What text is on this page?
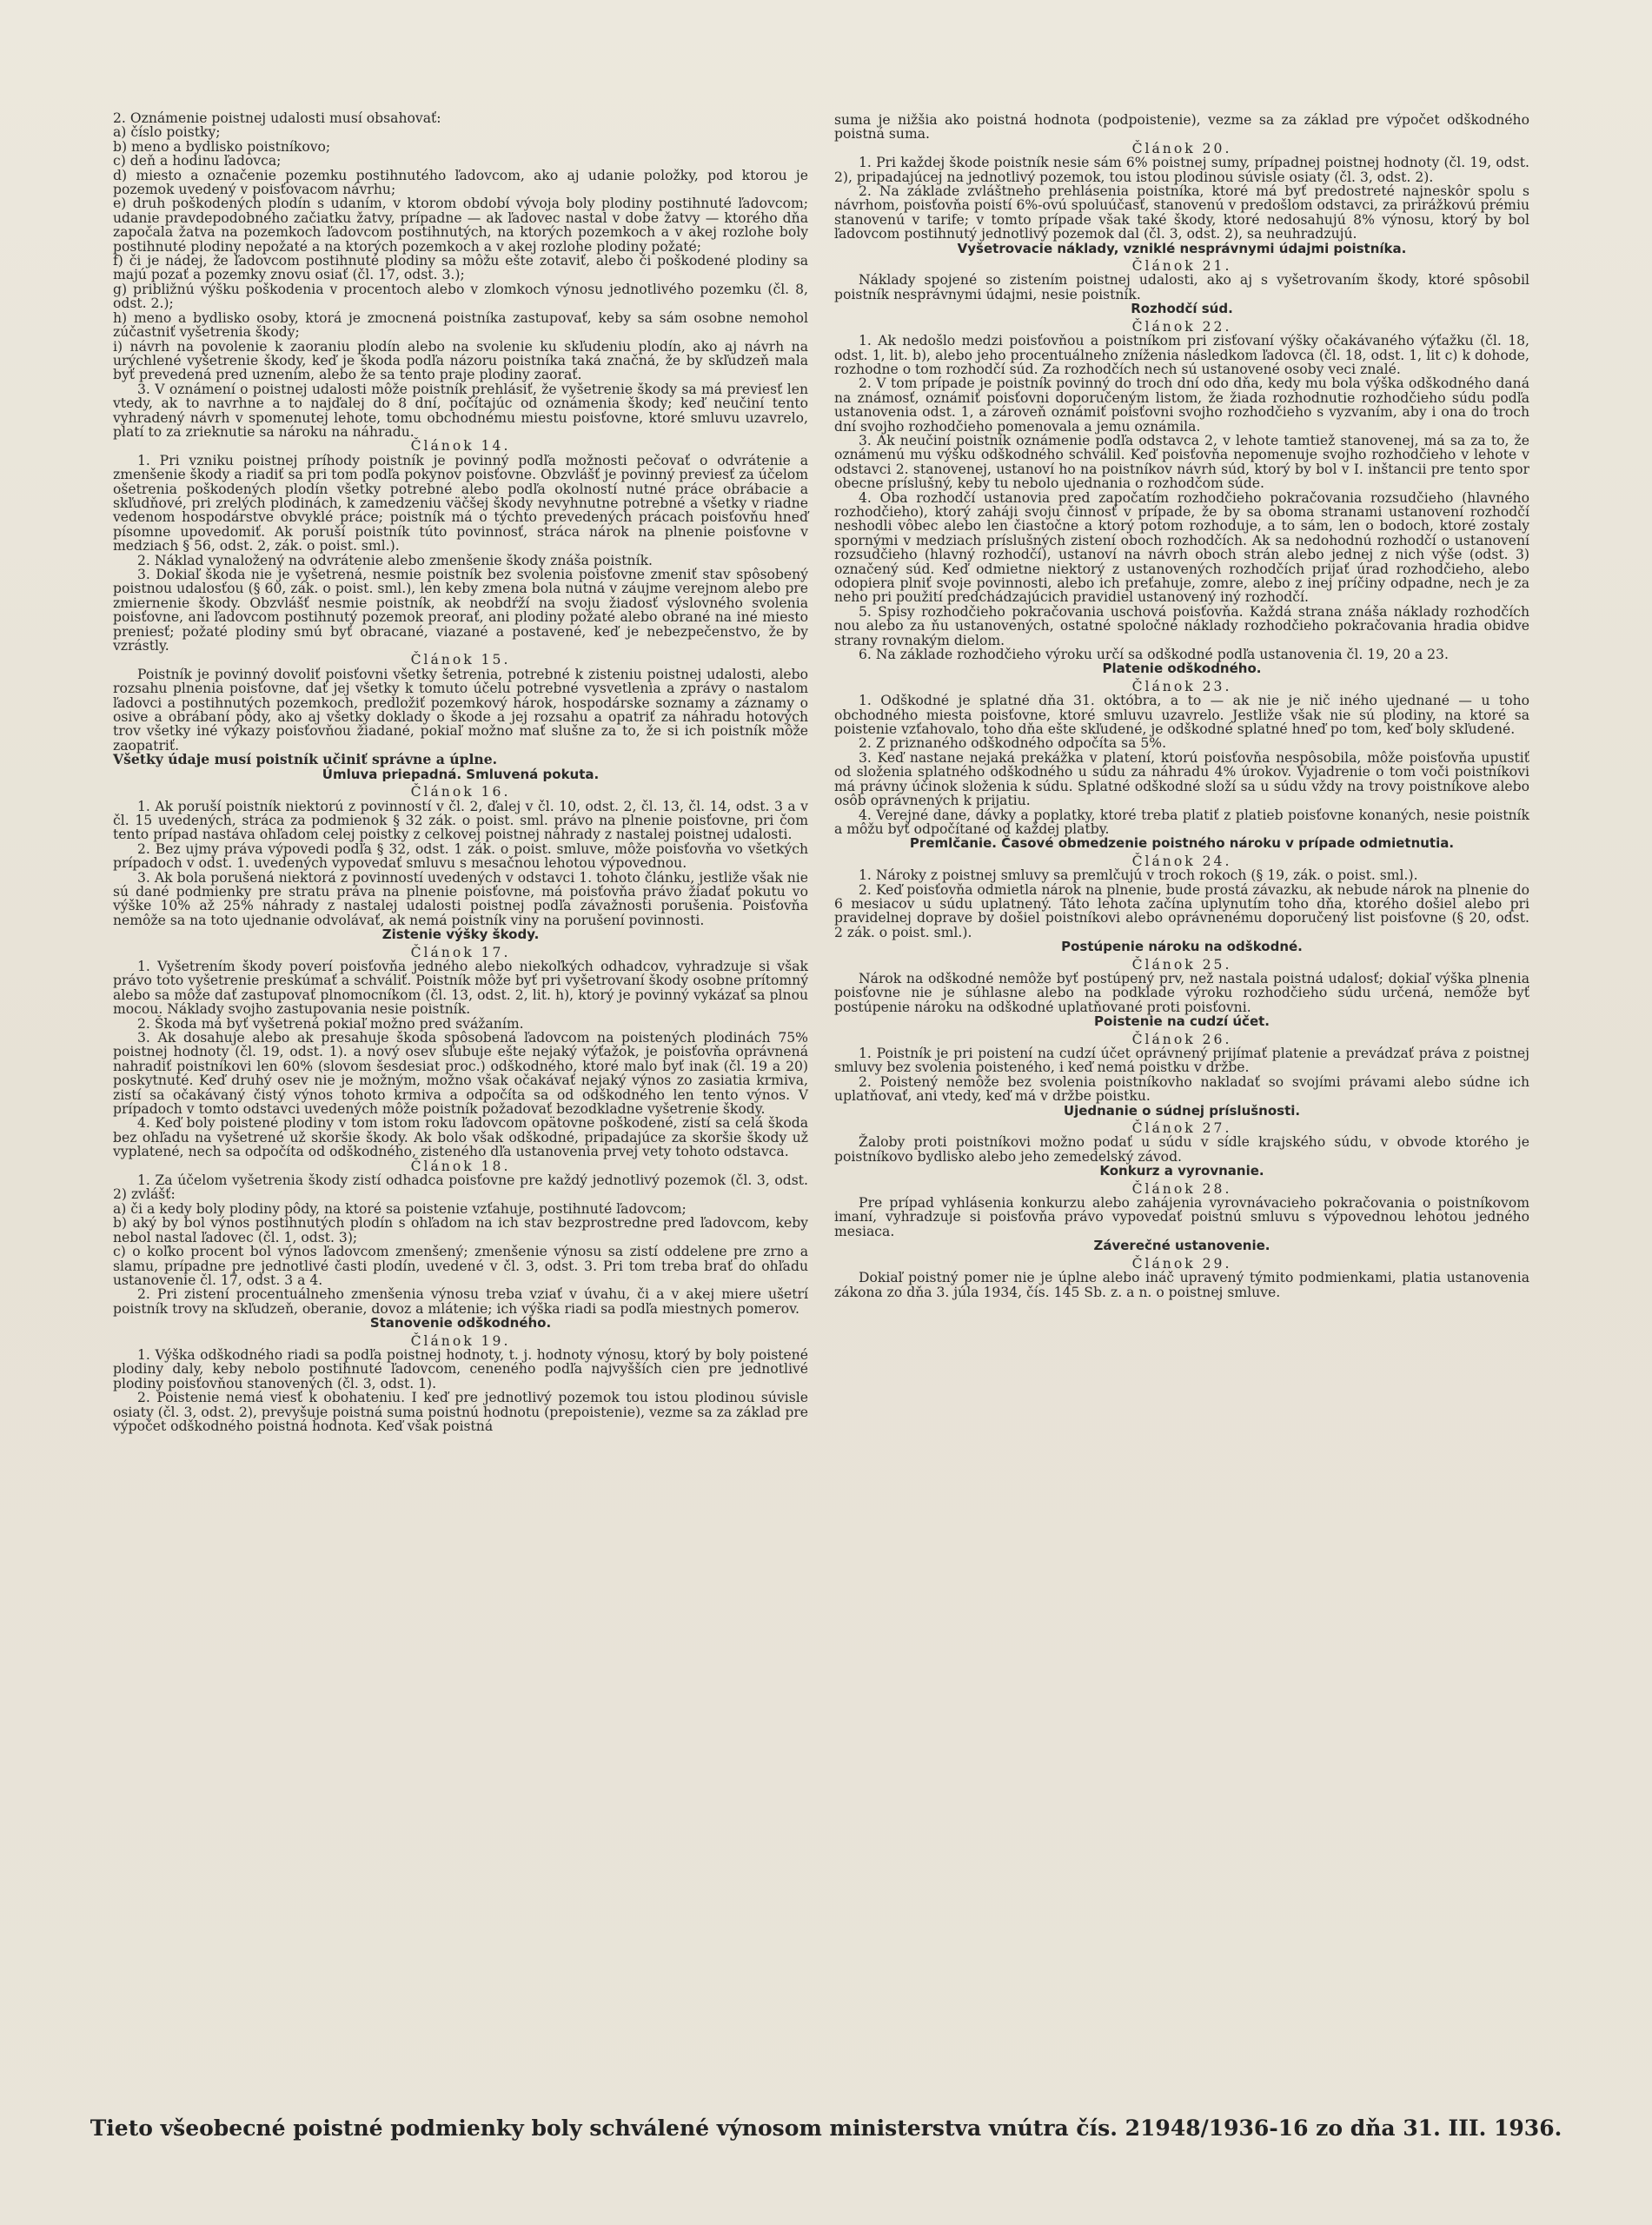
2. Oznámenie poistnej udalosti musí obsahovať:

a) číslo poistky;

b) meno a bydlisko poistníkovo;

c) deň a hodinu ľadovca;

d) miesto a označenie pozemku postihnutého ľadovcom, ako aj udanie položky, pod ktorou je pozemok uvedený v poisťovacom návrhu;

e) druh poškodených plodín s udaním, v ktorom období vývoja boly plodiny postihnuté ľadovcom; udanie pravdepodobného začiatku žatvy, prípadne — ak ľadovec nastal v dobe žatvy — ktorého dňa započala žatva na pozemkoch ľadovcom postihnutých, na ktorých pozemkoch a v akej rozlohe boly postihnuté plodiny nepožaté a na ktorých pozemkoch a v akej rozlohe plodiny požaté;

f) či je nádej, že ľadovcom postihnuté plodiny sa môžu ešte zotaviť, alebo či poškodené plodiny sa majú pozať a pozemky znovu osiať (čl. 17, odst. 3.);

g) približnú výšku poškodenia v procentoch alebo v zlomkoch výnosu jednotlivého pozemku (čl. 8, odst. 2.);

h) meno a bydlisko osoby, ktorá je zmocnená poistníka zastupovať, keby sa sám osobne nemohol zúčastniť vyšetrenia škody;

i) návrh na povolenie k zaoraniu plodín alebo na svolenie ku skľudeniu plodín, ako aj návrh na urýchlené vyšetrenie škody, keď je škoda podľa názoru poistníka taká značná, že by skľudzeň mala byť prevedená pred uznením, alebo že sa tento praje plodiny zaorať.

3. V oznámení o poistnej udalosti môže poistník prehlásiť, že vyšetrenie škody sa má previesť len vtedy, ak to navrhne a to najďalej do 8 dní, počítajúc od oznámenia škody; keď neučiní tento vyhradený návrh v spomenutej lehote, tomu obchodnému miestu poisťovne, ktoré smluvu uzavrelo, platí to za zrieknutie sa nároku na náhradu.

Článok 14.

1. Pri vzniku poistnej príhody poistník je povinný podľa možnosti pečovať o odvrátenie a zmenšenie škody a riadiť sa pri tom podľa pokynov poisťovne. Obzvlášť je povinný previesť za účelom ošetrenia poškodených plodín všetky potrebné alebo podľa okolností nutné práce obrábacie a skľudňové, pri zrelých plodinách, k zamedzeniu väčšej škody nevyhnutne potrebné a všetky v riadne vedenom hospodárstve obvyklé práce; poistník má o týchto prevedených prácach poisťovňu hneď písomne upovedomiť. Ak poruší poistník túto povinnosť, stráca nárok na plnenie poisťovne v medziach § 56, odst. 2, zák. o poist. sml.).

2. Náklad vynaložený na odvrátenie alebo zmenšenie škody znáša poistník.

3. Dokiaľ škoda nie je vyšetrená, nesmie poistník bez svolenia poisťovne zmeniť stav spôsobený poistnou udalosťou (§ 60, zák. o poist. sml.), len keby zmena bola nutná v záujme verejnom alebo pre zmiernenie škody. Obzvlášť nesmie poistník, ak neobdŕží na svoju žiadosť výslovného svolenia poisťovne, ani ľadovcom postihnutý pozemok preorať, ani plodiny požaté alebo obrané na iné miesto preniesť; požaté plodiny smú byť obracané, viazané a postavené, keď je nebezpečenstvo, že by vzrástly.

Článok 15.

Poistník je povinný dovoliť poisťovni všetky šetrenia, potrebné k zisteniu poistnej udalosti, alebo rozsahu plnenia poisťovne, dať jej všetky k tomuto účelu potrebné vysvetlenia a zprávy o nastalom ľadovci a postihnutých pozemkoch, predložiť pozemkový hárok, hospodárske soznamy a záznamy o osive a obrábaní pôdy, ako aj všetky doklady o škode a jej rozsahu a opatriť za náhradu hotových trov všetky iné výkazy poisťovňou žiadané, pokiaľ možno mať slušne za to, že si ich poistník môže zaopatriť.

Všetky údaje musí poistník učiniť správne a úplne.

Úmluva priepadná. Smluvená pokuta.

Článok 16.

1. Ak poruší poistník niektorú z povinností v čl. 2, ďalej v čl. 10, odst. 2, čl. 13, čl. 14, odst. 3 a v čl. 15 uvedených, stráca za podmienok § 32 zák. o poist. sml. právo na plnenie poisťovne, pri čom tento prípad nastáva ohľadom celej poistky z celkovej poistnej náhrady z nastalej poistnej udalosti.

2. Bez ujmy práva výpovedi podľa § 32, odst. 1 zák. o poist. smluve, môže poisťovňa vo všetkých prípadoch v odst. 1. uvedených vypovedať smluvu s mesačnou lehotou výpovednou.

3. Ak bola porušená niektorá z povinností uvedených v odstavci 1. tohoto článku, jestliže však nie sú dané podmienky pre stratu práva na plnenie poisťovne, má poisťovňa právo žiadať pokutu vo výške 10% až 25% náhrady z nastalej udalosti poistnej podľa závažnosti porušenia. Poisťovňa nemôže sa na toto ujednanie odvolávať, ak nemá poistník viny na porušení povinnosti.

Zistenie výšky škody.

Článok 17.

1. Vyšetrením škody poverí poisťovňa jedného alebo niekoľkých odhadcov, vyhradzuje si však právo toto vyšetrenie preskúmať a schváliť. Poistník môže byť pri vyšetrovaní škody osobne prítomný alebo sa môže dať zastupovať plnomocníkom (čl. 13, odst. 2, lit. h), ktorý je povinný vykázať sa plnou mocou. Náklady svojho zastupovania nesie poistník.

2. Škoda má byť vyšetrená pokiaľ možno pred svážaním.

3. Ak dosahuje alebo ak presahuje škoda spôsobená ľadovcom na poistených plodinách 75% poistnej hodnoty (čl. 19, odst. 1). a nový osev sľubuje ešte nejaký výťažok, je poisťovňa oprávnená nahradiť poistníkovi len 60% (slovom šesdesiat proc.) odškodného, ktoré malo byť inak (čl. 19 a 20) poskytnuté. Keď druhý osev nie je možným, možno však očakávať nejaký výnos zo zasiatia krmiva, zistí sa očakávaný čistý výnos tohoto krmiva a odpočíta sa od odškodného len tento výnos. V prípadoch v tomto odstavci uvedených môže poistník požadovať bezodkladne vyšetrenie škody.

4. Keď boly poistené plodiny v tom istom roku ľadovcom opätovne poškodené, zistí sa celá škoda bez ohľadu na vyšetrené už skoršie škody. Ak bolo však odškodné, pripadajúce za skoršie škody už vyplatené, nech sa odpočíta od odškodného, zisteného dľa ustanovenia prvej vety tohoto odstavca.

Článok 18.

1. Za účelom vyšetrenia škody zistí odhadca poisťovne pre každý jednotlivý pozemok (čl. 3, odst. 2) zvlášť:

a) či a kedy boly plodiny pôdy, na ktoré sa poistenie vzťahuje, postihnuté ľadovcom;

b) aký by bol výnos postihnutých plodín s ohľadom na ich stav bezprostredne pred ľadovcom, keby nebol nastal ľadovec (čl. 1, odst. 3);

c) o koľko procent bol výnos ľadovcom zmenšený; zmenšenie výnosu sa zistí oddelene pre zrno a slamu, prípadne pre jednotlivé časti plodín, uvedené v čl. 3, odst. 3. Pri tom treba brať do ohľadu ustanovenie čl. 17, odst. 3 a 4.

2. Pri zistení procentuálneho zmenšenia výnosu treba vziať v úvahu, či a v akej miere ušetrí poistník trovy na skľudzeň, oberanie, dovoz a mlátenie; ich výška riadi sa podľa miestnych pomerov.

Stanovenie odškodného.

Článok 19.

1. Výška odškodného riadi sa podľa poistnej hodnoty, t. j. hodnoty výnosu, ktorý by boly poistené plodiny daly, keby nebolo postihnuté ľadovcom, ceneného podľa najvyšších cien pre jednotlivé plodiny poisťovňou stanovených (čl. 3, odst. 1).

2. Poistenie nemá viesť k obohateniu. I keď pre jednotlivý pozemok tou istou plodinou súvisle osiaty (čl. 3, odst. 2), prevyšuje poistná suma poistnú hodnotu (prepoistenie), vezme sa za základ pre výpočet odškodného poistná hodnota. Keď však poistná

suma je nižšia ako poistná hodnota (podpoistenie), vezme sa za základ pre výpočet odškodného poistná suma.

Článok 20.

1. Pri každej škode poistník nesie sám 6% poistnej sumy, prípadnej poistnej hodnoty (čl. 19, odst. 2), pripadajúcej na jednotlivý pozemok, tou istou plodinou súvisle osiaty (čl. 3, odst. 2).

2. Na základe zvláštneho prehlásenia poistníka, ktoré má byť predostreté najneskôr spolu s návrhom, poisťovňa poistí 6%-ovú spoluúčasť, stanovenú v predošlom odstavci, za prirážkovú prémiu stanovenú v tarife; v tomto prípade však také škody, ktoré nedosahujú 8% výnosu, ktorý by bol ľadovcom postihnutý jednotlivý pozemok dal (čl. 3, odst. 2), sa neuhradzujú.

Vyšetrovacie náklady, vzniklé nesprávnymi údajmi poistníka.

Článok 21.

Náklady spojené so zistením poistnej udalosti, ako aj s vyšetrovaním škody, ktoré spôsobil poistník nesprávnymi údajmi, nesie poistník.

Rozhodčí súd.

Článok 22.

1. Ak nedošlo medzi poisťovňou a poistníkom pri zisťovaní výšky očakávaného výťažku (čl. 18, odst. 1, lit. b), alebo jeho procentuálneho zníženia následkom ľadovca (čl. 18, odst. 1, lit c) k dohode, rozhodne o tom rozhodčí súd. Za rozhodčích nech sú ustanovené osoby veci znalé.

2. V tom prípade je poistník povinný do troch dní odo dňa, kedy mu bola výška odškodného daná na známosť, oznámiť poisťovni doporučeným listom, že žiada rozhodnutie rozhodčieho súdu podľa ustanovenia odst. 1, a zároveň oznámiť poisťovni svojho rozhodčieho s vyzvaním, aby i ona do troch dní svojho rozhodčieho pomenovala a jemu oznámila.

3. Ak neučiní poistník oznámenie podľa odstavca 2, v lehote tamtiež stanovenej, má sa za to, že oznámenú mu výšku odškodného schválil. Keď poisťovňa nepomenuje svojho rozhodčieho v lehote v odstavci 2. stanovenej, ustanoví ho na poistníkov návrh súd, ktorý by bol v I. inštancii pre tento spor obecne príslušný, keby tu nebolo ujednania o rozhodčom súde.

4. Oba rozhodčí ustanovia pred započatím rozhodčieho pokračovania rozsudčieho (hlavného rozhodčieho), ktorý zaháji svoju činnosť v prípade, že by sa oboma stranami ustanovení rozhodčí neshodli vôbec alebo len čiastočne a ktorý potom rozhoduje, a to sám, len o bodoch, ktoré zostaly spornými v medziach príslušných zistení oboch rozhodčích. Ak sa nedohodnú rozhodčí o ustanovení rozsudčieho (hlavný rozhodčí), ustanoví na návrh oboch strán alebo jednej z nich výše (odst. 3) označený súd. Keď odmietne niektorý z ustanovených rozhodčích prijať úrad rozhodčieho, alebo odopiera plniť svoje povinnosti, alebo ich preťahuje, zomre, alebo z inej príčiny odpadne, nech je za neho pri použití predchádzajúcich pravidiel ustanovený iný rozhodčí.

5. Spisy rozhodčieho pokračovania uschová poisťovňa. Každá strana znáša náklady rozhodčích nou alebo za ňu ustanovených, ostatné spoločné náklady rozhodčieho pokračovania hradia obidve strany rovnakým dielom.

6. Na základe rozhodčieho výroku určí sa odškodné podľa ustanovenia čl. 19, 20 a 23.

Platenie odškodného.

Článok 23.

1. Odškodné je splatné dňa 31. októbra, a to — ak nie je nič iného ujednané — u toho obchodného miesta poisťovne, ktoré smluvu uzavrelo. Jestliže však nie sú plodiny, na ktoré sa poistenie vzťahovalo, toho dňa ešte skľudené, je odškodné splatné hneď po tom, keď boly skľudené.

2. Z priznaného odškodného odpočíta sa 5%.

3. Keď nastane nejaká prekážka v platení, ktorú poisťovňa nespôsobila, môže poisťovňa upustiť od složenia splatného odškodného u súdu za náhradu 4% úrokov. Vyjadrenie o tom voči poistníkovi má právny účinok složenia k súdu. Splatné odškodné složí sa u súdu vždy na trovy poistníkove alebo osôb oprávnených k prijatiu.

4. Verejné dane, dávky a poplatky, ktoré treba platiť z platieb poisťovne konaných, nesie poistník a môžu byť odpočítané od každej platby.

Premlčanie. Časové obmedzenie poistného nároku v prípade odmietnutia.

Článok 24.

1. Nároky z poistnej smluvy sa premlčujú v troch rokoch (§ 19, zák. o poist. sml.).

2. Keď poisťovňa odmietla nárok na plnenie, bude prostá závazku, ak nebude nárok na plnenie do 6 mesiacov u súdu uplatnený. Táto lehota začína uplynutím toho dňa, ktorého došiel alebo pri pravidelnej doprave by došiel poistníkovi alebo oprávnenému doporučený list poisťovne (§ 20, odst. 2 zák. o poist. sml.).

Postúpenie nároku na odškodné.

Článok 25.

Nárok na odškodné nemôže byť postúpený prv, než nastala poistná udalosť; dokiaľ výška plnenia poisťovne nie je súhlasne alebo na podklade výroku rozhodčieho súdu určená, nemôže byť postúpenie nároku na odškodné uplatňované proti poisťovni.

Poistenie na cudzí účet.

Článok 26.

1. Poistník je pri poistení na cudzí účet oprávnený prijímať platenie a prevádzať práva z poistnej smluvy bez svolenia poisteného, i keď nemá poistku v držbe.

2. Poistený nemôže bez svolenia poistníkovho nakladať so svojími právami alebo súdne ich uplatňovať, ani vtedy, keď má v držbe poistku.

Ujednanie o súdnej príslušnosti.

Článok 27.

Žaloby proti poistníkovi možno podať u súdu v sídle krajského súdu, v obvode ktorého je poistníkovo bydlisko alebo jeho zemedelský závod.

Konkurz a vyrovnanie.

Článok 28.

Pre prípad vyhlásenia konkurzu alebo zahájenia vyrovnávacieho pokračovania o poistníkovom imaní, vyhradzuje si poisťovňa právo vypovedať poistnú smluvu s výpovednou lehotou jedného mesiaca.

Záverečné ustanovenie.

Článok 29.

Dokiaľ poistný pomer nie je úplne alebo ináč upravený týmito podmienkami, platia ustanovenia zákona zo dňa 3. júla 1934, čís. 145 Sb. z. a n. o poistnej smluve.

Tieto všeobecné poistné podmienky boly schválené výnosom ministerstva vnútra čís. 21948/1936-16 zo dňa 31. III. 1936.
